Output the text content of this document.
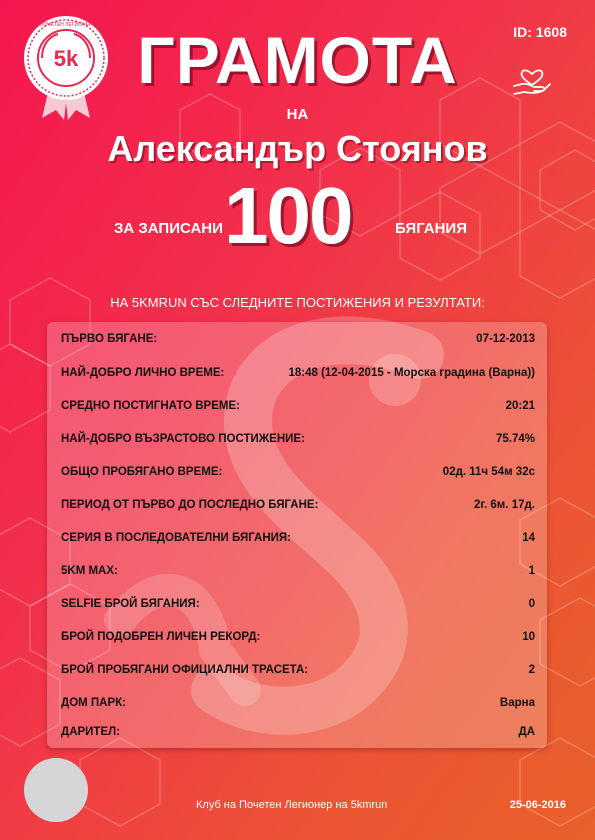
5k
ПОЧЕТЕН ЛЕГИОНЕР	ID: 1608
ГРАМОТА
НА
Александър Стоянов
ЗА ЗАПИСАНИ 100	БЯГАНИЯ
НА 5KMRUN СЪС СЛЕДНИТЕ ПОСТИЖЕНИЯ И РЕЗУЛТАТИ:
ПЪРВО БЯГАНЕ:	07-12-2013
НАЙ-ДОБРО ЛИЧНО ВРЕМЕ:	18:48 (12-04-2015 - Морска градина (Варна))
СРЕДНО ПОСТИГНАТО ВРЕМЕ:	20:21
НАЙ-ДОБРО ВЪЗРАСТОВО ПОСТИЖЕНИЕ:	75.74%
ОБЩО ПРОБЯГАНО ВРЕМЕ:	02д. 11ч 54м 32с
ПЕРИОД ОТ ПЪРВО ДО ПОСЛЕДНО БЯГАНЕ:	2г. 6м. 17д.
СЕРИЯ В ПОСЛЕДОВАТЕЛНИ БЯГАНИЯ:	14
5KM MAX:	1
SELFIE БРОЙ БЯГАНИЯ:	0
БРОЙ ПОДОБРЕН ЛИЧЕН РЕКОРД:	10
БРОЙ ПРОБЯГАНИ ОФИЦИАЛНИ ТРАСЕТА:	2
ДОМ ПАРК:	Варна
ДАРИТЕЛ:	ДА
Клуб на Почетен Легионер на 5kmrun	25-06-2016
